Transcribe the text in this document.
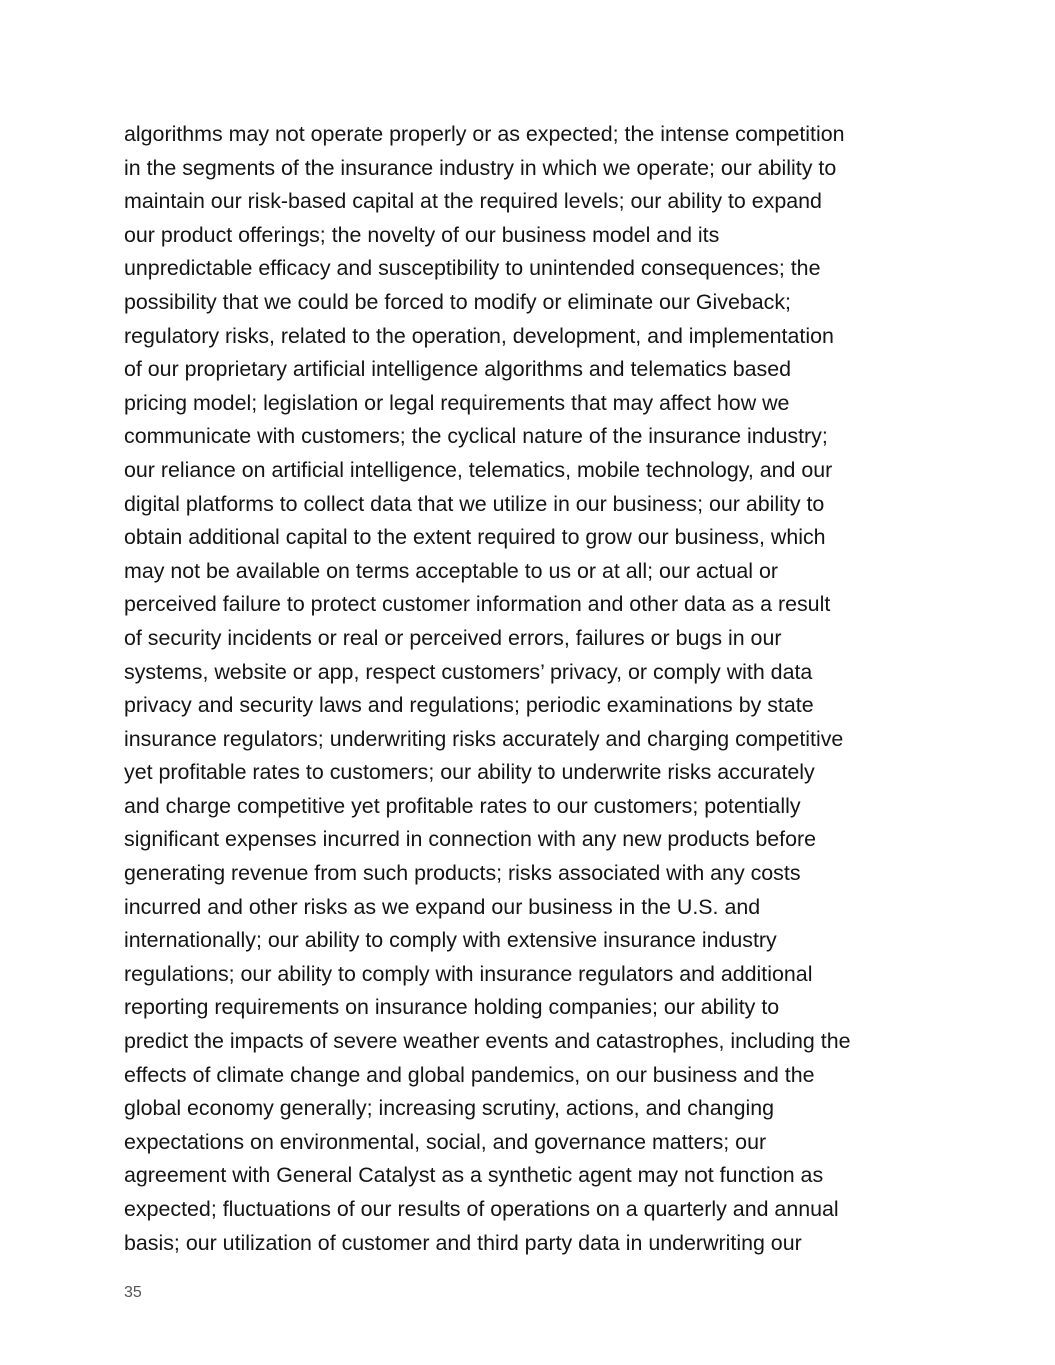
algorithms may not operate properly or as expected; the intense competition
in the segments of the insurance industry in which we operate; our ability to
maintain our risk-based capital at the required levels; our ability to expand
our product offerings; the novelty of our business model and its
unpredictable efficacy and susceptibility to unintended consequences; the
possibility that we could be forced to modify or eliminate our Giveback;
regulatory risks, related to the operation, development, and implementation
of our proprietary artificial intelligence algorithms and telematics based
pricing model; legislation or legal requirements that may affect how we
communicate with customers; the cyclical nature of the insurance industry;
our reliance on artificial intelligence, telematics, mobile technology, and our
digital platforms to collect data that we utilize in our business; our ability to
obtain additional capital to the extent required to grow our business, which
may not be available on terms acceptable to us or at all; our actual or
perceived failure to protect customer information and other data as a result
of security incidents or real or perceived errors, failures or bugs in our
systems, website or app, respect customers’ privacy, or comply with data
privacy and security laws and regulations; periodic examinations by state
insurance regulators; underwriting risks accurately and charging competitive
yet profitable rates to customers; our ability to underwrite risks accurately
and charge competitive yet profitable rates to our customers; potentially
significant expenses incurred in connection with any new products before
generating revenue from such products; risks associated with any costs
incurred and other risks as we expand our business in the U.S. and
internationally; our ability to comply with extensive insurance industry
regulations; our ability to comply with insurance regulators and additional
reporting requirements on insurance holding companies; our ability to
predict the impacts of severe weather events and catastrophes, including the
effects of climate change and global pandemics, on our business and the
global economy generally; increasing scrutiny, actions, and changing
expectations on environmental, social, and governance matters; our
agreement with General Catalyst as a synthetic agent may not function as
expected; fluctuations of our results of operations on a quarterly and annual
basis; our utilization of customer and third party data in underwriting our

35
